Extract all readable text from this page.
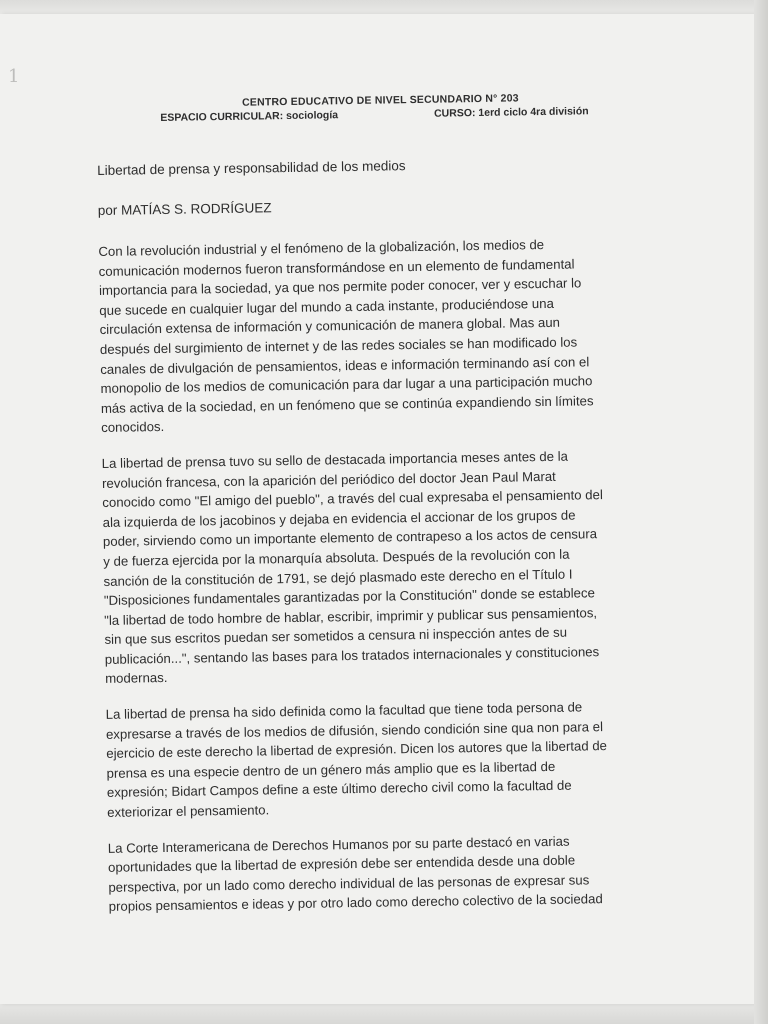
1
CENTRO EDUCATIVO DE NIVEL SECUNDARIO N° 203
ESPACIO CURRICULAR: sociología	CURSO: 1erd ciclo 4ra división
Libertad de prensa y responsabilidad de los medios
por MATÍAS S. RODRÍGUEZ

Con la revolución industrial y el fenómeno de la globalización, los medios de

comunicación modernos fueron transformándose en un elemento de fundamental

importancia para la sociedad, ya que nos permite poder conocer, ver y escuchar lo

que sucede en cualquier lugar del mundo a cada instante, produciéndose una

circulación extensa de información y comunicación de manera global. Mas aun

después del surgimiento de internet y de las redes sociales se han modificado los

canales de divulgación de pensamientos, ideas e información terminando así con el

monopolio de los medios de comunicación para dar lugar a una participación mucho

más activa de la sociedad, en un fenómeno que se continúa expandiendo sin límites

conocidos.

La libertad de prensa tuvo su sello de destacada importancia meses antes de la

revolución francesa, con la aparición del periódico del doctor Jean Paul Marat

conocido como "El amigo del pueblo", a través del cual expresaba el pensamiento del

ala izquierda de los jacobinos y dejaba en evidencia el accionar de los grupos de

poder, sirviendo como un importante elemento de contrapeso a los actos de censura

y de fuerza ejercida por la monarquía absoluta. Después de la revolución con la

sanción de la constitución de 1791, se dejó plasmado este derecho en el Título I

"Disposiciones fundamentales garantizadas por la Constitución" donde se establece

"la libertad de todo hombre de hablar, escribir, imprimir y publicar sus pensamientos,

sin que sus escritos puedan ser sometidos a censura ni inspección antes de su

publicación...", sentando las bases para los tratados internacionales y constituciones

modernas.

La libertad de prensa ha sido definida como la facultad que tiene toda persona de

expresarse a través de los medios de difusión, siendo condición sine qua non para el

ejercicio de este derecho la libertad de expresión. Dicen los autores que la libertad de

prensa es una especie dentro de un género más amplio que es la libertad de

expresión; Bidart Campos define a este último derecho civil como la facultad de

exteriorizar el pensamiento.

La Corte Interamericana de Derechos Humanos por su parte destacó en varias

oportunidades que la libertad de expresión debe ser entendida desde una doble

perspectiva, por un lado como derecho individual de las personas de expresar sus

propios pensamientos e ideas y por otro lado como derecho colectivo de la sociedad
